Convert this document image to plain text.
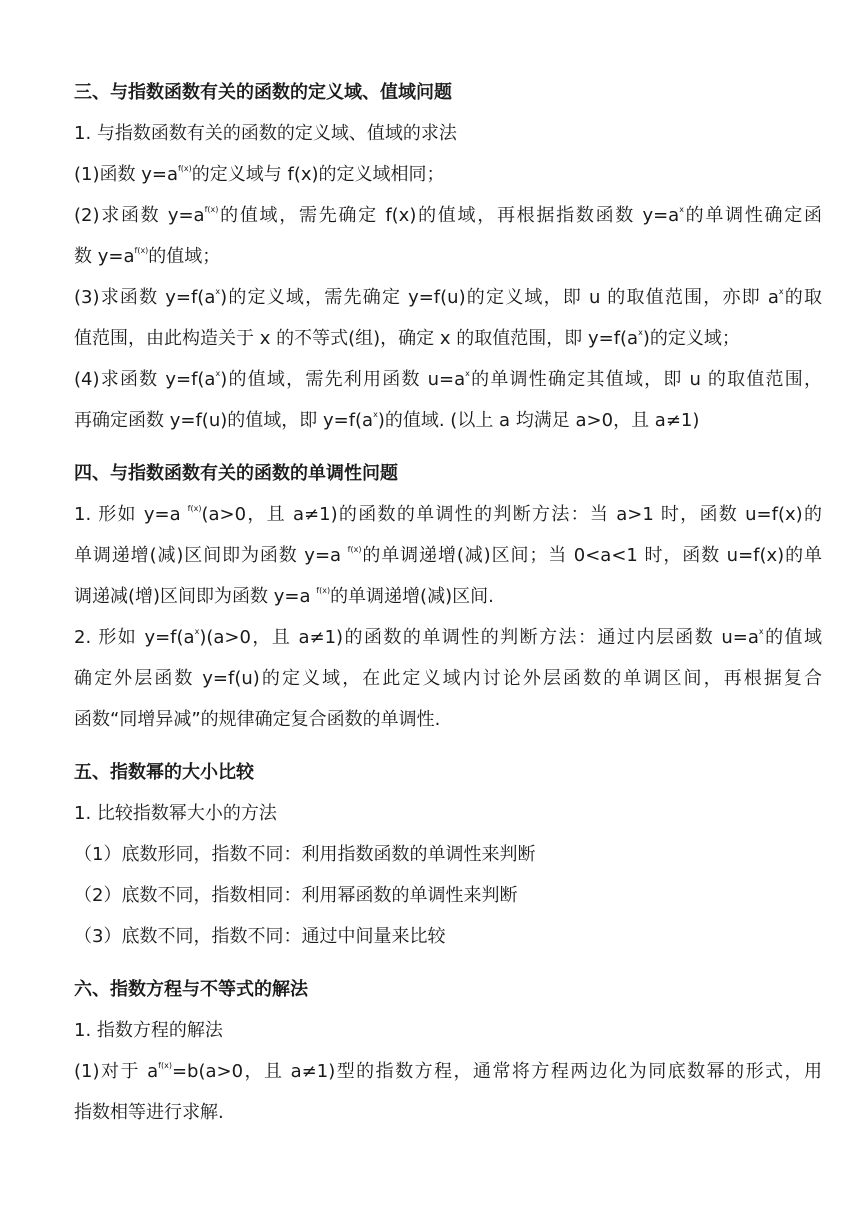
三、与指数函数有关的函数的定义域、值域问题
1. 与指数函数有关的函数的定义域、值域的求法
(1)函数 $y=a^{f(x)}$的定义域与 f(x)的定义域相同；
(2)求函数 $y=a^{f(x)}$的值域，需先确定 f(x)的值域，再根据指数函数 $y=a^x$的单调性确定函
数 $y=a^{f(x)}$的值域；
(3)求函数 $y=f(a^x)$的定义域，需先确定 y=f(u)的定义域，即 u 的取值范围，亦即 $a^x$的取
值范围，由此构造关于 x 的不等式(组)，确定 x 的取值范围，即 $y=f(a^x)$的定义域；
(4)求函数 $y=f(a^x)$的值域，需先利用函数 $u=a^x$的单调性确定其值域，即 u 的取值范围，
再确定函数 y=f(u)的值域，即 $y=f(a^x)$的值域. (以上 a 均满足 a>0，且 a≠1)
四、与指数函数有关的函数的单调性问题
1. 形如 y=a $^{f(x)}$(a>0，且 a≠1)的函数的单调性的判断方法：当 a>1 时，函数 u=f(x)的
单调递增(减)区间即为函数 y=a $^{f(x)}$的单调递增(减)区间；当 0<a<1 时，函数 u=f(x)的单
调递减(增)区间即为函数 y=a $^{f(x)}$的单调递增(减)区间.
2. 形如 $y=f(a^x)(a>0$，且 a≠1)的函数的单调性的判断方法：通过内层函数 $u=a^x$的值域
确定外层函数 y=f(u)的定义域，在此定义域内讨论外层函数的单调区间，再根据复合
函数“同增异减”的规律确定复合函数的单调性.
五、指数幂的大小比较
1. 比较指数幂大小的方法
（1）底数形同，指数不同：利用指数函数的单调性来判断
（2）底数不同，指数相同：利用幂函数的单调性来判断
（3）底数不同，指数不同：通过中间量来比较
六、指数方程与不等式的解法
1. 指数方程的解法
(1)对于 $a^{f(x)}=b(a>0$，且 a≠1)型的指数方程，通常将方程两边化为同底数幂的形式，用
指数相等进行求解.
